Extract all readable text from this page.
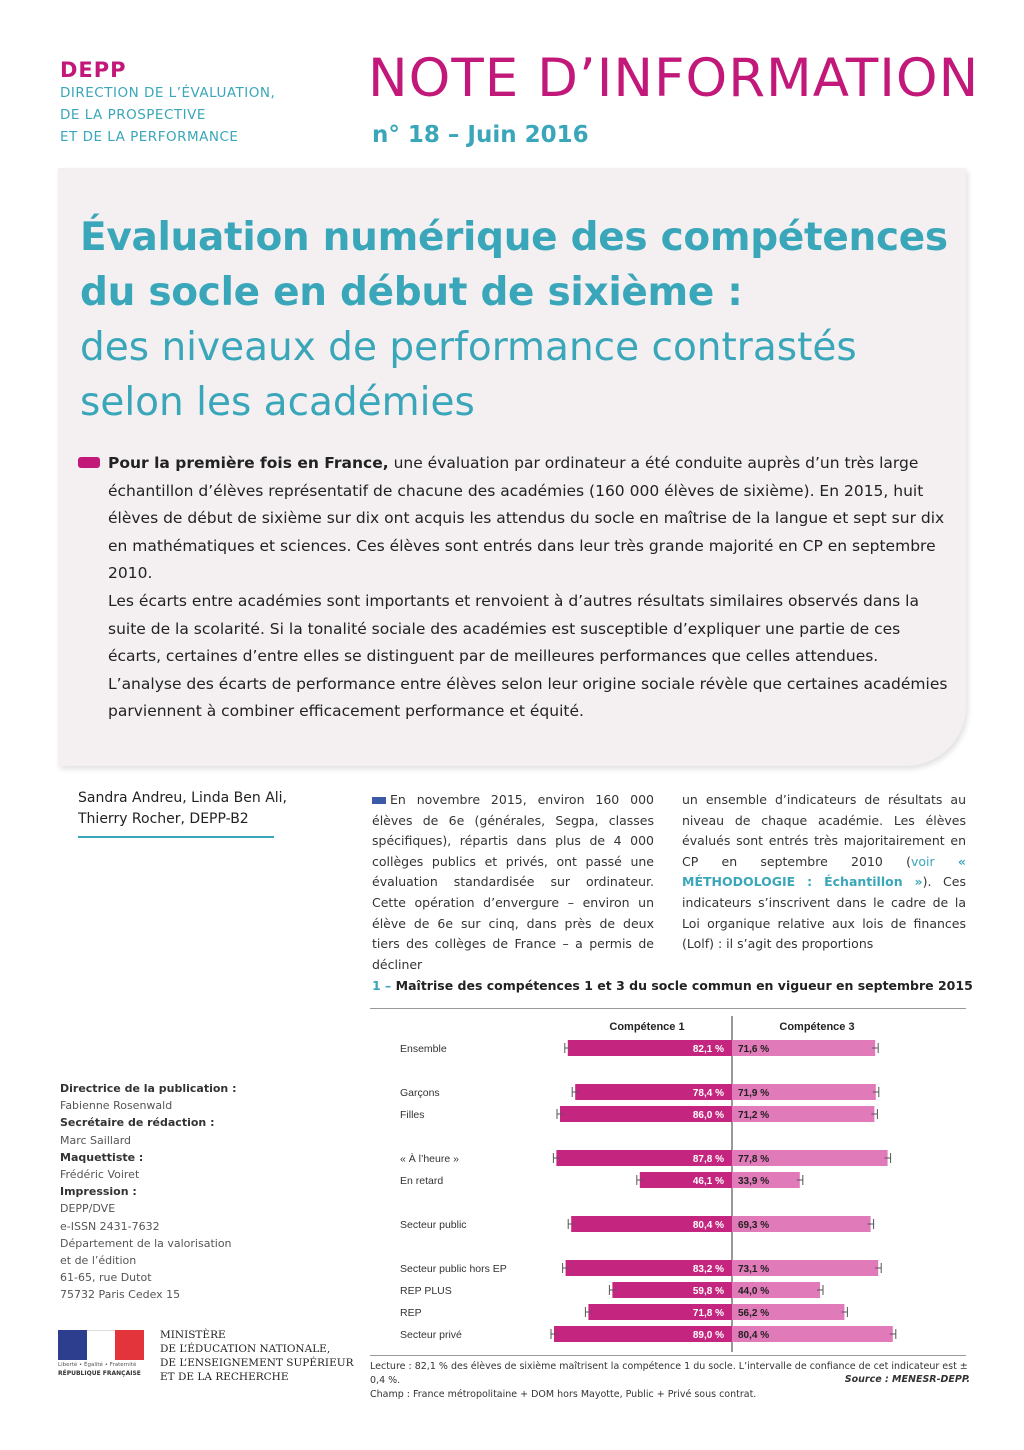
DEPP
DIRECTION DE L’ÉVALUATION,
DE LA PROSPECTIVE
ET DE LA PERFORMANCE
NOTE D’INFORMATION
n° 18 – Juin 2016
Évaluation numérique des compétences
du socle en début de sixième :
des niveaux de performance contrastés
selon les académies

Pour la première fois en France, une évaluation par ordinateur a été conduite auprès d’un très large échantillon d’élèves représentatif de chacune des académies (160 000 élèves de sixième). En 2015, huit élèves de début de sixième sur dix ont acquis les attendus du socle en maîtrise de la langue et sept sur dix en mathématiques et sciences. Ces élèves sont entrés dans leur très grande majorité en CP en septembre 2010.

Les écarts entre académies sont importants et renvoient à d’autres résultats similaires observés dans la suite de la scolarité. Si la tonalité sociale des académies est susceptible d’expliquer une partie de ces écarts, certaines d’entre elles se distinguent par de meilleures performances que celles attendues.

L’analyse des écarts de performance entre élèves selon leur origine sociale révèle que certaines académies parviennent à combiner efficacement performance et équité.

Sandra Andreu, Linda Ben Ali,
Thierry Rocher, DEPP-B2
En novembre 2015, environ 160 000 élèves de 6e (générales, Segpa, classes spécifiques), répartis dans plus de 4 000 collèges publics et privés, ont passé une évaluation standardisée sur ordinateur. Cette opération d’envergure – environ un élève de 6e sur cinq, dans près de deux tiers des collèges de France – a permis de décliner
un ensemble d’indicateurs de résultats au niveau de chaque académie. Les élèves évalués sont entrés très majoritairement en CP en septembre 2010 (voir « MÉTHODOLOGIE : Échantillon »). Ces indicateurs s’inscrivent dans le cadre de la Loi organique relative aux lois de finances (Lolf) : il s’agit des proportions
1 – Maîtrise des compétences 1 et 3 du socle commun en vigueur en septembre 2015
Compétence 1	Compétence 3
Ensemble	82,1 % 71,6 %
Garçons	78,4 % 71,9 %
Filles	86,0 % 71,2 %
« À l’heure »	87,8 % 77,8 %
En retard	46,1 % 33,9 %
Secteur public	80,4 % 69,3 %
Secteur public hors EP	83,2 % 73,1 %
REP PLUS	59,8 % 44,0 %
REP	71,8 % 56,2 %
Secteur privé	89,0 % 80,4 %
Lecture : 82,1 % des élèves de sixième maîtrisent la compétence 1 du socle. L’intervalle de confiance de cet indicateur est ± 0,4 %.
Champ : France métropolitaine + DOM hors Mayotte, Public + Privé sous contrat.
Source : MENESR-DEPP.
Directrice de la publication :
Fabienne Rosenwald
Secrétaire de rédaction :
Marc Saillard
Maquettiste :
Frédéric Voiret
Impression :
DEPP/DVE
e-ISSN 2431-7632
Département de la valorisation
et de l’édition
61-65, rue Dutot
75732 Paris Cedex 15
Liberté • Égalité • Fraternité
RÉPUBLIQUE FRANÇAISE
MINISTÈRE
DE L’ÉDUCATION NATIONALE,
DE L’ENSEIGNEMENT SUPÉRIEUR
ET DE LA RECHERCHE
